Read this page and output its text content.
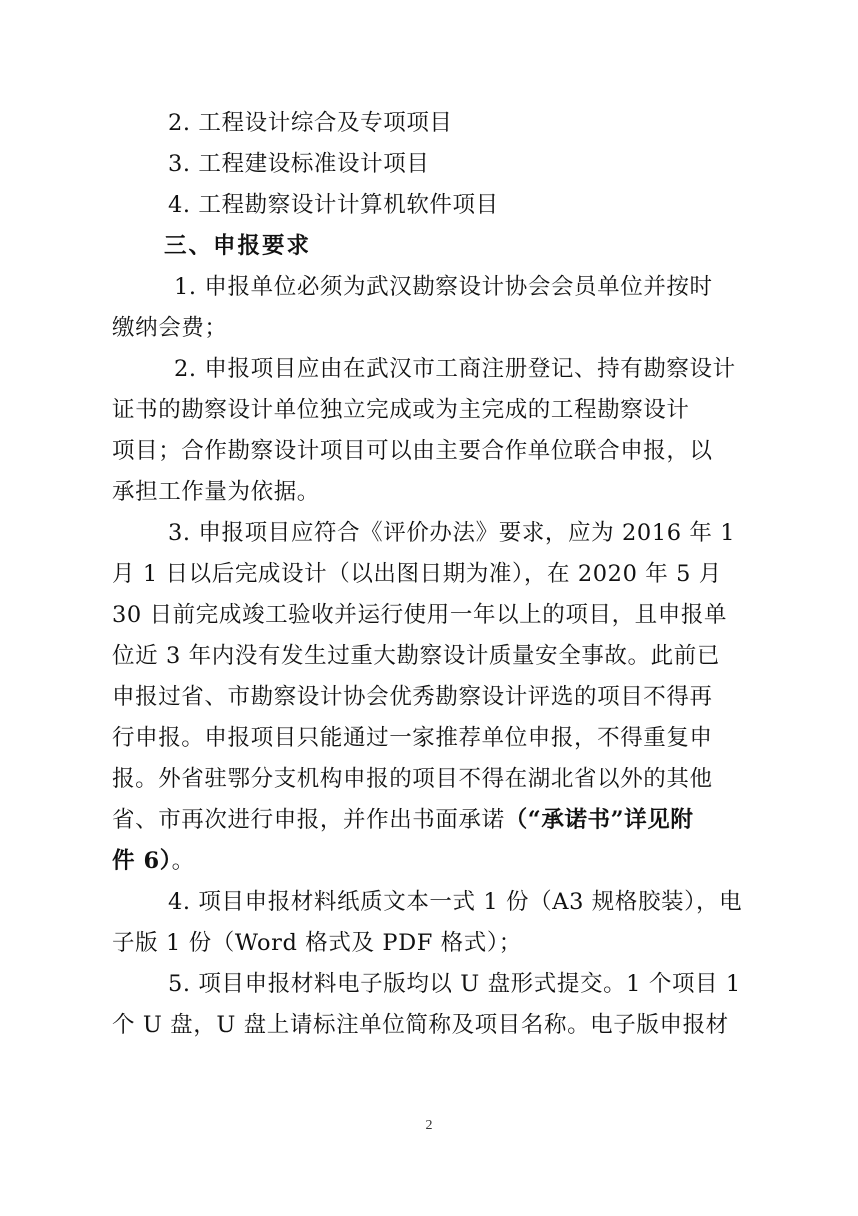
2. 工程设计综合及专项项目
3. 工程建设标准设计项目
4. 工程勘察设计计算机软件项目
三、申报要求
1. 申报单位必须为武汉勘察设计协会会员单位并按时
缴纳会费；
2. 申报项目应由在武汉市工商注册登记、持有勘察设计
证书的勘察设计单位独立完成或为主完成的工程勘察设计
项目；合作勘察设计项目可以由主要合作单位联合申报，以
承担工作量为依据。
3. 申报项目应符合《评价办法》要求，应为 2016 年 1
月 1 日以后完成设计（以出图日期为准），在 2020 年 5 月
30 日前完成竣工验收并运行使用一年以上的项目，且申报单
位近 3 年内没有发生过重大勘察设计质量安全事故。此前已
申报过省、市勘察设计协会优秀勘察设计评选的项目不得再
行申报。申报项目只能通过一家推荐单位申报，不得重复申
报。外省驻鄂分支机构申报的项目不得在湖北省以外的其他
省、市再次进行申报，并作出书面承诺（“承诺书”详见附
件 6）。
4. 项目申报材料纸质文本一式 1 份（A3 规格胶装），电
子版 1 份（Word 格式及 PDF 格式）；
5. 项目申报材料电子版均以 U 盘形式提交。1 个项目 1
个 U 盘，U 盘上请标注单位简称及项目名称。电子版申报材
2
